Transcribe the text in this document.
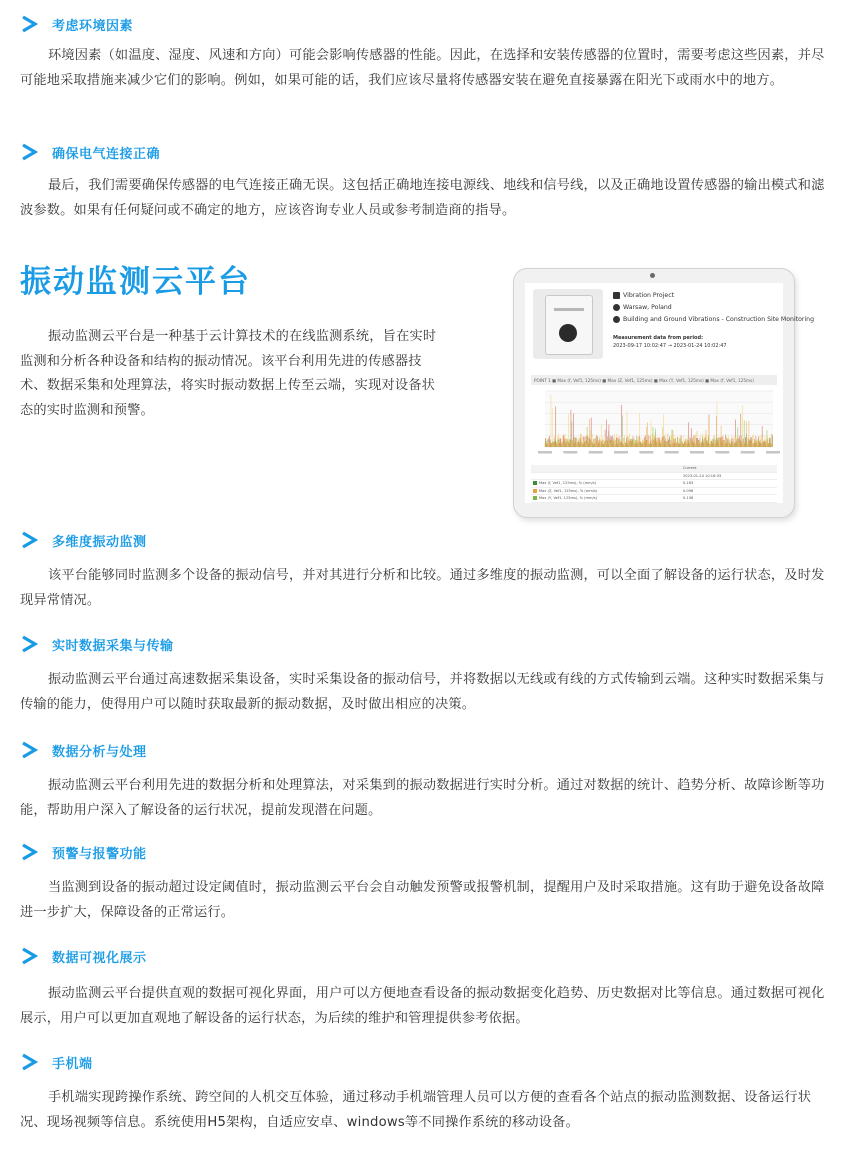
考虑环境因素

环境因素（如温度、湿度、风速和方向）可能会影响传感器的性能。因此，在选择和安装传感器的位置时，需要考虑这些因素，并尽可能地采取措施来减少它们的影响。例如，如果可能的话，我们应该尽量将传感器安装在避免直接暴露在阳光下或雨水中的地方。

确保电气连接正确

最后，我们需要确保传感器的电气连接正确无误。这包括正确地连接电源线、地线和信号线，以及正确地设置传感器的输出模式和滤波参数。如果有任何疑问或不确定的地方，应该咨询专业人员或参考制造商的指导。

振动监测云平台

振动监测云平台是一种基于云计算技术的在线监测系统，旨在实时监测和分析各种设备和结构的振动情况。该平台利用先进的传感器技术、数据采集和处理算法，将实时振动数据上传至云端，实现对设备状态的实时监测和预警。

Vibration Project
Warsaw, Poland
Building and Ground Vibrations - Construction Site Monitoring
Measurement data from period:
2023-09-17 10:02:47 → 2023-01-24 10:02:47
POINT 1 ■ Max (f, Vef1, 125ms) ■ Max (Z, Vef1, 125ms) ■ Max (Y, Vef1, 125ms) ■ Max (f, Vef1, 125ms)
Current
2023-01-24 10:16:33
Max (f, Vef1, 125ms), % (mm/s)	0.163
Max (Z, Vef1, 125ms), % (mm/s)	0.098
Max (Y, Vef1, 125ms), % (mm/s)	0.136
多维度振动监测

该平台能够同时监测多个设备的振动信号，并对其进行分析和比较。通过多维度的振动监测，可以全面了解设备的运行状态，及时发现异常情况。

实时数据采集与传输

振动监测云平台通过高速数据采集设备，实时采集设备的振动信号，并将数据以无线或有线的方式传输到云端。这种实时数据采集与传输的能力，使得用户可以随时获取最新的振动数据，及时做出相应的决策。

数据分析与处理

振动监测云平台利用先进的数据分析和处理算法，对采集到的振动数据进行实时分析。通过对数据的统计、趋势分析、故障诊断等功能，帮助用户深入了解设备的运行状况，提前发现潜在问题。

预警与报警功能

当监测到设备的振动超过设定阈值时，振动监测云平台会自动触发预警或报警机制，提醒用户及时采取措施。这有助于避免设备故障进一步扩大，保障设备的正常运行。

数据可视化展示

振动监测云平台提供直观的数据可视化界面，用户可以方便地查看设备的振动数据变化趋势、历史数据对比等信息。通过数据可视化展示，用户可以更加直观地了解设备的运行状态，为后续的维护和管理提供参考依据。

手机端

手机端实现跨操作系统、跨空间的人机交互体验，通过移动手机端管理人员可以方便的查看各个站点的振动监测数据、设备运行状况、现场视频等信息。系统使用H5架构，自适应安卓、windows等不同操作系统的移动设备。
